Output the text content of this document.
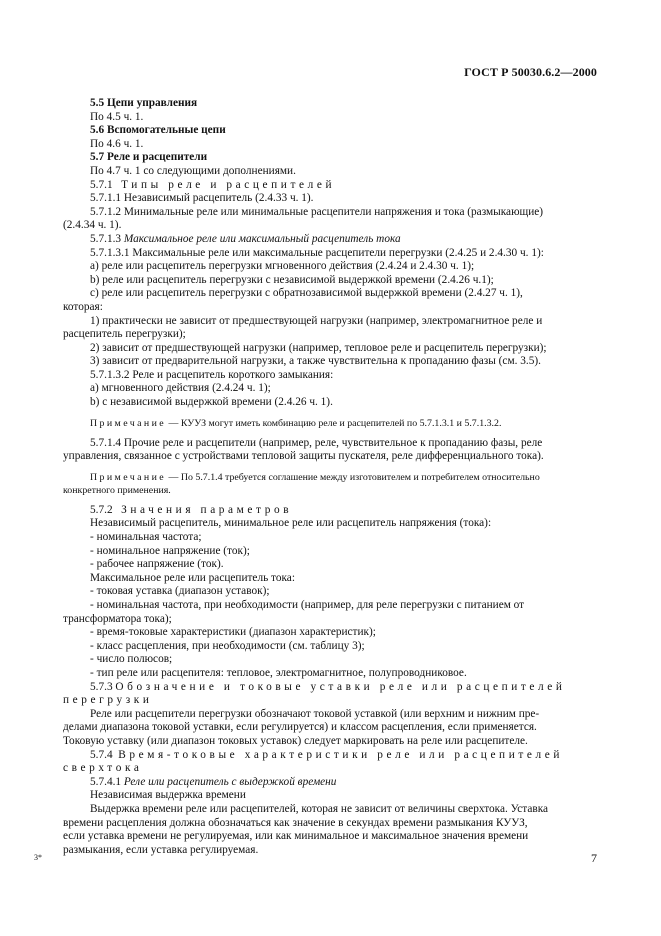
ГОСТ Р 50030.6.2—2000
5.5 Цепи управления
По 4.5 ч. 1.
5.6 Вспомогательные цепи
По 4.6 ч. 1.
5.7 Реле и расцепители
По 4.7 ч. 1 со следующими дополнениями.
5.7.1 Типы реле и расцепителей
5.7.1.1 Независимый расцепитель (2.4.33 ч. 1).
5.7.1.2 Минимальные реле или минимальные расцепители напряжения и тока (размыкающие)
(2.4.34 ч. 1).
5.7.1.3 Максимальное реле или максимальный расцепитель тока
5.7.1.3.1 Максимальные реле или максимальные расцепители перегрузки (2.4.25 и 2.4.30 ч. 1):
а) реле или расцепитель перегрузки мгновенного действия (2.4.24 и 2.4.30 ч. 1);
b) реле или расцепитель перегрузки с независимой выдержкой времени (2.4.26 ч.1);
с) реле или расцепитель перегрузки с обратнозависимой выдержкой времени (2.4.27 ч. 1),
которая:
1) практически не зависит от предшествующей нагрузки (например, электромагнитное реле и
расцепитель перегрузки);
2) зависит от предшествующей нагрузки (например, тепловое реле и расцепитель перегрузки);
3) зависит от предварительной нагрузки, а также чувствительна к пропаданию фазы (см. 3.5).
5.7.1.3.2 Реле и расцепитель короткого замыкания:
а) мгновенного действия (2.4.24 ч. 1);
b) с независимой выдержкой времени (2.4.26 ч. 1).
Примечание — КУУЗ могут иметь комбинацию реле и расцепителей по 5.7.1.3.1 и 5.7.1.3.2.
5.7.1.4 Прочие реле и расцепители (например, реле, чувствительное к пропаданию фазы, реле
управления, связанное с устройствами тепловой защиты пускателя, реле дифференциального тока).
Примечание — По 5.7.1.4 требуется соглашение между изготовителем и потребителем относительно
конкретного применения.
5.7.2 Значения параметров
Независимый расцепитель, минимальное реле или расцепитель напряжения (тока):
- номинальная частота;
- номинальное напряжение (ток);
- рабочее напряжение (ток).
Максимальное реле или расцепитель тока:
- токовая уставка (диапазон уставок);
- номинальная частота, при необходимости (например, для реле перегрузки с питанием от
трансформатора тока);
- время-токовые характеристики (диапазон характеристик);
- класс расцепления, при необходимости (см. таблицу 3);
- число полюсов;
- тип реле или расцепителя: тепловое, электромагнитное, полупроводниковое.
5.7.3 Обозначение и токовые уставки реле или расцепителей
перегрузки
Реле или расцепители перегрузки обозначают токовой уставкой (или верхним и нижним пре-
делами диапазона токовой уставки, если регулируется) и классом расцепления, если применяется.
Токовую уставку (или диапазон токовых уставок) следует маркировать на реле или расцепителе.
5.7.4 Время-токовые характеристики реле или расцепителей
сверхтока
5.7.4.1 Реле или расцепитель с выдержкой времени
Независимая выдержка времени
Выдержка времени реле или расцепителей, которая не зависит от величины сверхтока. Уставка
времени расцепления должна обозначаться как значение в секундах времени размыкания КУУЗ,
если уставка времени не регулируемая, или как минимальное и максимальное значения времени
размыкания, если уставка регулируемая.
3*	7
